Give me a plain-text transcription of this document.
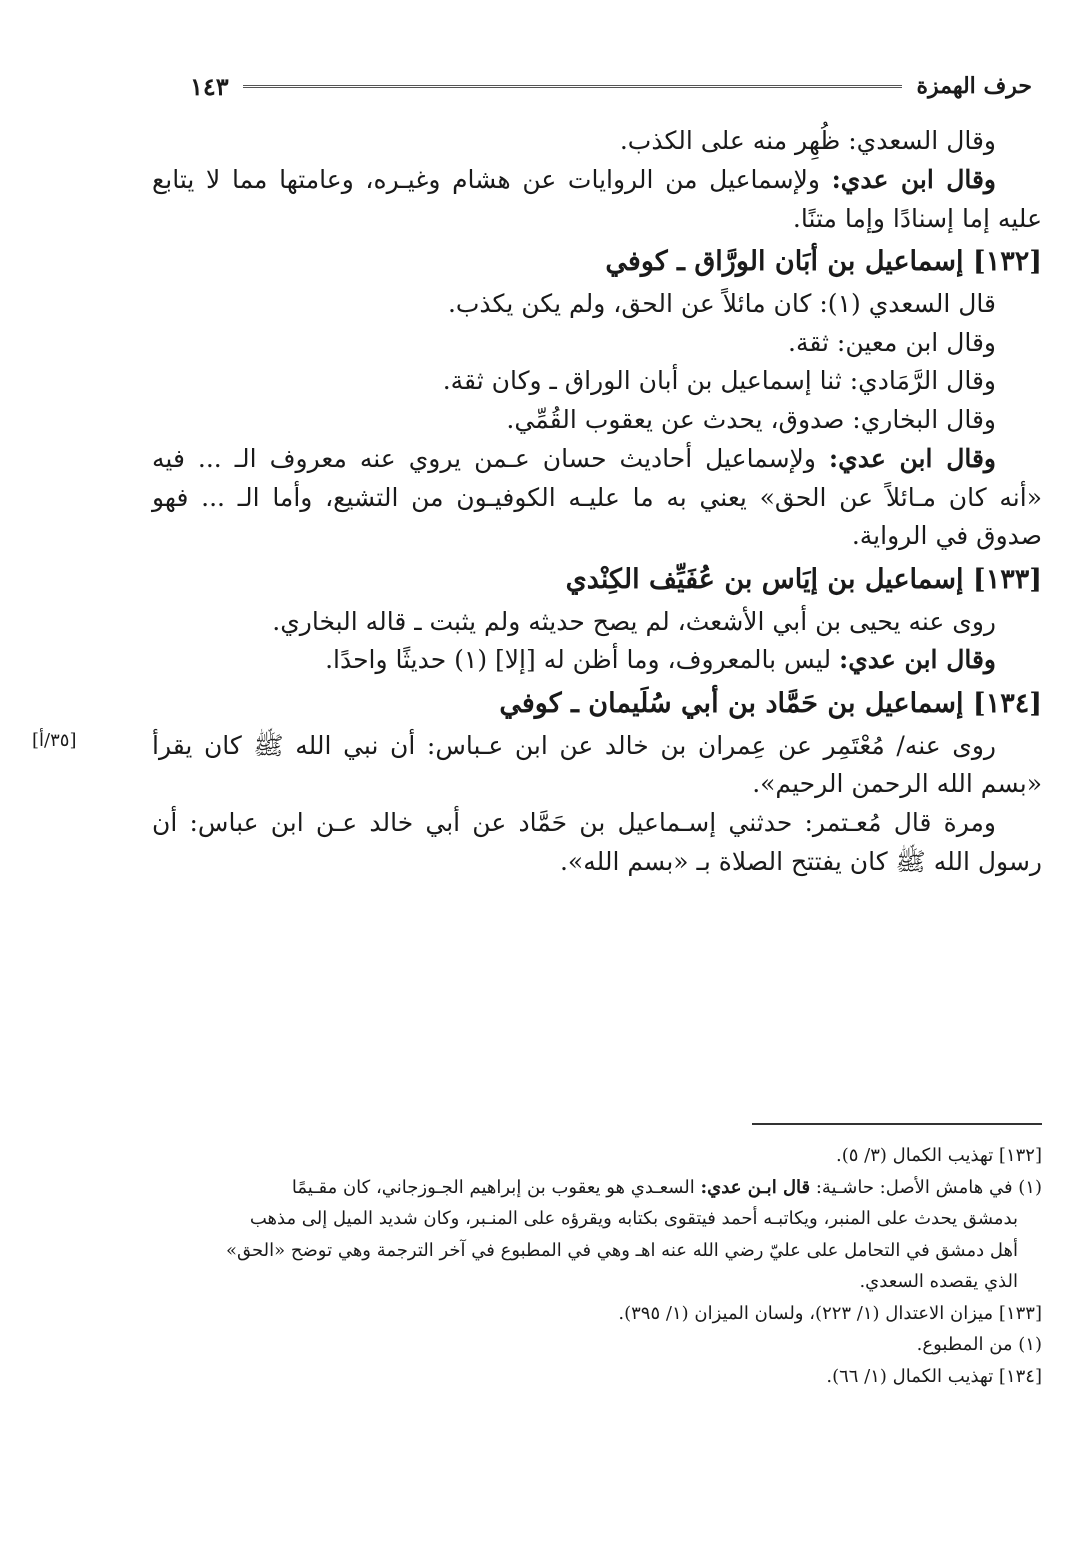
حرف الهمزة
١٤٣

وقال السعدي: ظُهِر منه على الكذب.

وقال ابن عدي: ولإسماعيل من الروايات عن هشام وغيـره، وعامتها مما لا يتابع

عليه إما إسنادًا وإما متنًا.

[١٣٢] إسماعيل بن أبَان الورَّاق ـ كوفي

قال السعدي (١): كان مائلاً عن الحق، ولم يكن يكذب.

وقال ابن معين: ثقة.

وقال الرَّمَادي: ثنا إسماعيل بن أبان الوراق ـ وكان ثقة.

وقال البخاري: صدوق، يحدث عن يعقوب القُمِّي.

وقال ابن عدي: ولإسماعيل أحاديث حسان عـمن يروي عنه معروف الـ ... فيه

«أنه كان مـائلاً عن الحق» يعني به ما عليـه الكوفيـون من التشيع، وأما الـ ... فهو

صدوق في الرواية.

[١٣٣] إسماعيل بن إيَاس بن عُفَيِّف الكِنْدي

روى عنه يحيى بن أبي الأشعث، لم يصح حديثه ولم يثبت ـ قاله البخاري.

وقال ابن عدي: ليس بالمعروف، وما أظن له [إلا] (١) حديثًا واحدًا.

[١٣٤] إسماعيل بن حَمَّاد بن أبي سُلَيمان ـ كوفي

روى عنه/ مُعْتَمِر عن عِمران بن خالد عن ابن عـباس: أن نبي الله ﷺ كان يقرأ
[٣٥/أ]

«بسم الله الرحمن الرحيم».

ومرة قال مُعـتمر: حدثني إسـماعيل بن حَمَّاد عن أبي خالد عـن ابن عباس: أن

رسول الله ﷺ كان يفتتح الصلاة بـ «بسم الله».

[١٣٢] تهذيب الكمال (٣/ ٥).

(١) في هامش الأصل: حاشـية: قال ابـن عدي: السعـدي هو يعقوب بن إبراهيم الجـوزجاني، كان مقـيمًا

بدمشق يحدث على المنبر، ويكاتبـه أحمد فيتقوى بكتابه ويقرؤه على المنـبر، وكان شديد الميل إلى مذهب

أهل دمشق في التحامل على عليّ رضي الله عنه اهـ وهي في المطبوع في آخر الترجمة وهي توضح «الحق»

الذي يقصده السعدي.

[١٣٣] ميزان الاعتدال (١/ ٢٢٣)، ولسان الميزان (١/ ٣٩٥).

(١) من المطبوع.

[١٣٤] تهذيب الكمال (١/ ٦٦).
